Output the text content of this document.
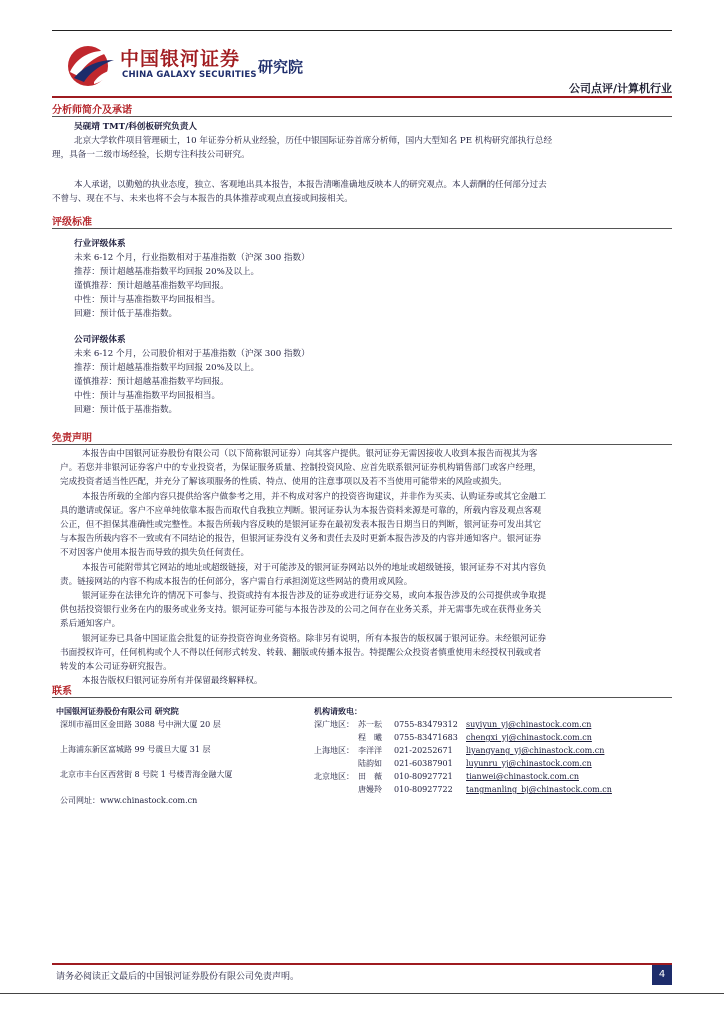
中国银河证券
CHINA GALAXY SECURITIES 研究院
公司点评/计算机行业
分析师简介及承诺
吴砚靖 TMT/科创板研究负责人
北京大学软件项目管理硕士，10 年证券分析从业经验，历任中银国际证券首席分析师，国内大型知名 PE 机构研究部执行总经
理，具备一二级市场经验，长期专注科技公司研究。
本人承诺，以勤勉的执业态度，独立、客观地出具本报告，本报告清晰准确地反映本人的研究观点。本人薪酬的任何部分过去
不曾与、现在不与、未来也将不会与本报告的具体推荐或观点直接或间接相关。
评级标准
行业评级体系
未来 6-12 个月，行业指数相对于基准指数（沪深 300 指数）
推荐：预计超越基准指数平均回报 20%及以上。
谨慎推荐：预计超越基准指数平均回报。
中性：预计与基准指数平均回报相当。
回避：预计低于基准指数。
公司评级体系
未来 6-12 个月，公司股价相对于基准指数（沪深 300 指数）
推荐：预计超越基准指数平均回报 20%及以上。
谨慎推荐：预计超越基准指数平均回报。
中性：预计与基准指数平均回报相当。
回避：预计低于基准指数。
免责声明
本报告由中国银河证券股份有限公司（以下简称银河证券）向其客户提供。银河证券无需因接收人收到本报告而视其为客
户。若您并非银河证券客户中的专业投资者，为保证服务质量、控制投资风险、应首先联系银河证券机构销售部门或客户经理，
完成投资者适当性匹配，并充分了解该项服务的性质、特点、使用的注意事项以及若不当使用可能带来的风险或损失。
本报告所载的全部内容只提供给客户做参考之用，并不构成对客户的投资咨询建议，并非作为买卖、认购证券或其它金融工
具的邀请或保证。客户不应单纯依靠本报告而取代自我独立判断。银河证券认为本报告资料来源是可靠的，所载内容及观点客观
公正，但不担保其准确性或完整性。本报告所载内容反映的是银河证券在最初发表本报告日期当日的判断，银河证券可发出其它
与本报告所载内容不一致或有不同结论的报告，但银河证券没有义务和责任去及时更新本报告涉及的内容并通知客户。银河证券
不对因客户使用本报告而导致的损失负任何责任。
本报告可能附带其它网站的地址或超级链接，对于可能涉及的银河证券网站以外的地址或超级链接，银河证券不对其内容负
责。链接网站的内容不构成本报告的任何部分，客户需自行承担浏览这些网站的费用或风险。
银河证券在法律允许的情况下可参与、投资或持有本报告涉及的证券或进行证券交易，或向本报告涉及的公司提供或争取提
供包括投资银行业务在内的服务或业务支持。银河证券可能与本报告涉及的公司之间存在业务关系，并无需事先或在获得业务关
系后通知客户。
银河证券已具备中国证监会批复的证券投资咨询业务资格。除非另有说明，所有本报告的版权属于银河证券。未经银河证券
书面授权许可，任何机构或个人不得以任何形式转发、转载、翻版或传播本报告。特提醒公众投资者慎重使用未经授权刊载或者
转发的本公司证券研究报告。
本报告版权归银河证券所有并保留最终解释权。
联系
中国银河证券股份有限公司 研究院
深圳市福田区金田路 3088 号中洲大厦 20 层
上海浦东新区富城路 99 号震旦大厦 31 层
北京市丰台区西营街 8 号院 1 号楼青海金融大厦
公司网址：www.chinastock.com.cn
机构请致电：
深广地区： 苏一耘 0755-83479312 suyiyun_yj@chinastock.com.cn
程　曦 0755-83471683 chengxi_yj@chinastock.com.cn
上海地区： 李洋洋 021-20252671 liyangyang_yj@chinastock.com.cn
陆韵如 021-60387901 luyunru_yj@chinastock.com.cn
北京地区： 田　薇 010-80927721 tianwei@chinastock.com.cn
唐嫚羚 010-80927722 tangmanling_bj@chinastock.com.cn
请务必阅读正文最后的中国银河证券股份有限公司免责声明。	4
